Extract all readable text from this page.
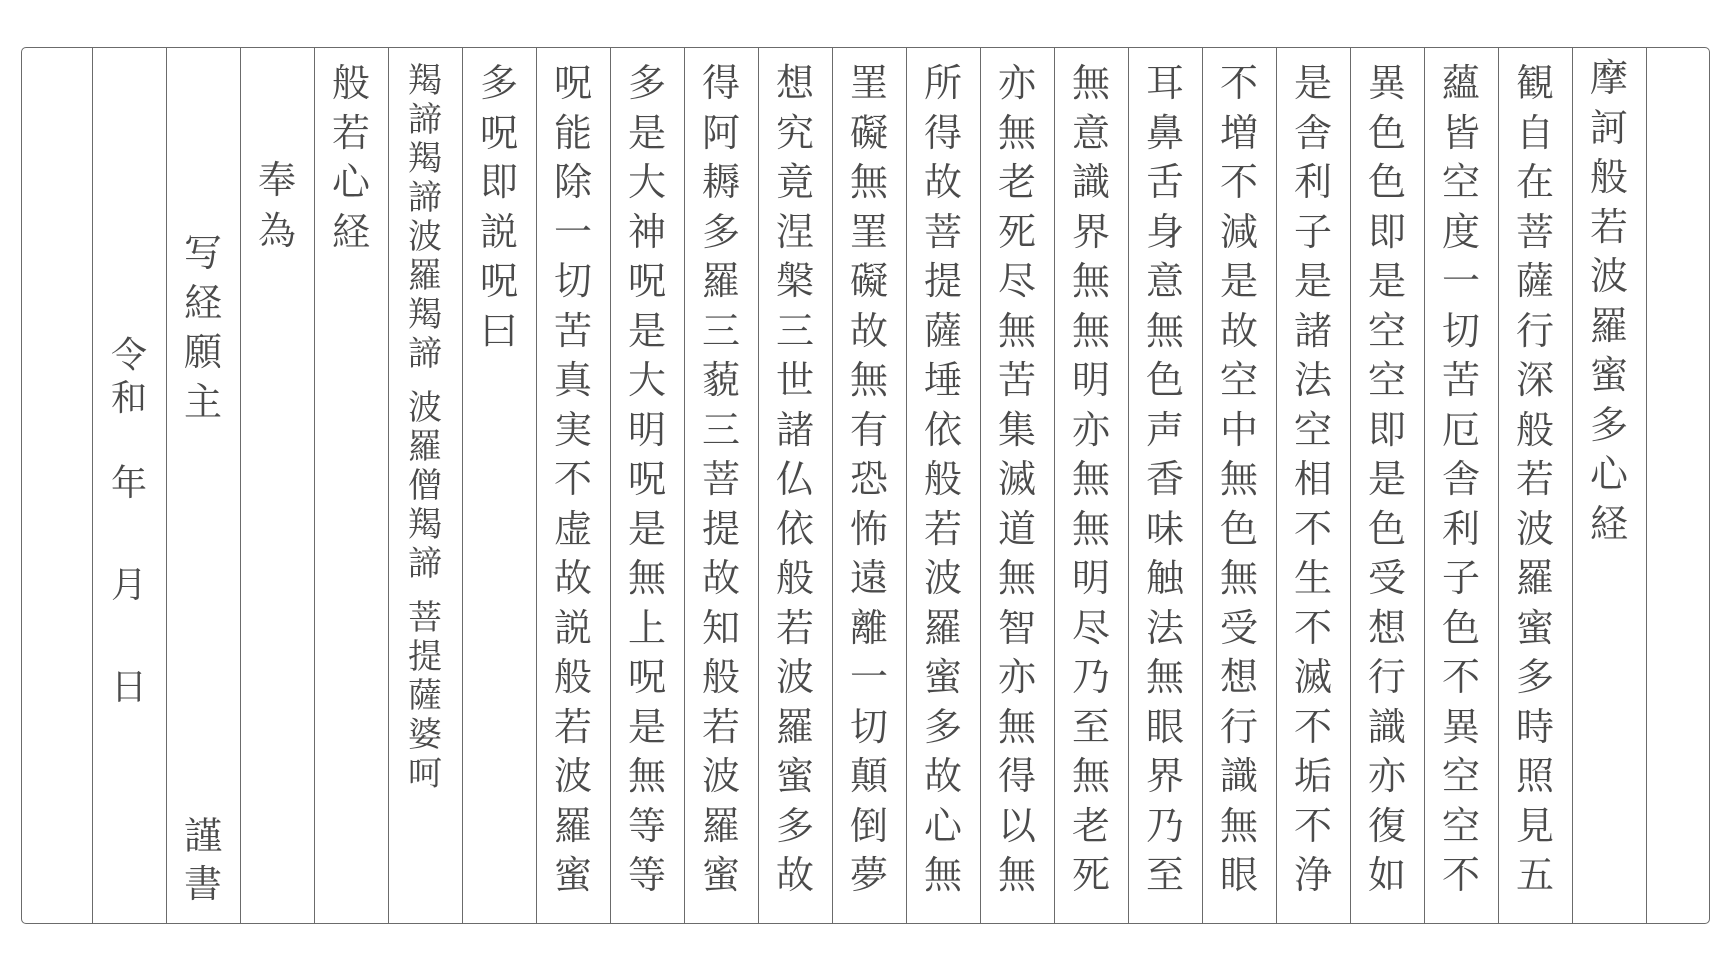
摩
訶
般
若
波
羅
蜜
多
心
経
観
自
在
菩
薩
行
深
般
若
波
羅
蜜
多
時
照
見
五
蘊
皆
空
度
一
切
苦
厄
舎
利
子
色
不
異
空
空
不
異
色
色
即
是
空
空
即
是
色
受
想
行
識
亦
復
如
是
舎
利
子
是
諸
法
空
相
不
生
不
滅
不
垢
不
浄
不
増
不
減
是
故
空
中
無
色
無
受
想
行
識
無
眼
耳
鼻
舌
身
意
無
色
声
香
味
触
法
無
眼
界
乃
至
無
意
識
界
無
無
明
亦
無
無
明
尽
乃
至
無
老
死
亦
無
老
死
尽
無
苦
集
滅
道
無
智
亦
無
得
以
無
所
得
故
菩
提
薩
埵
依
般
若
波
羅
蜜
多
故
心
無
罣
礙
無
罣
礙
故
無
有
恐
怖
遠
離
一
切
顛
倒
夢
想
究
竟
涅
槃
三
世
諸
仏
依
般
若
波
羅
蜜
多
故
得
阿
耨
多
羅
三
藐
三
菩
提
故
知
般
若
波
羅
蜜
多
是
大
神
呪
是
大
明
呪
是
無
上
呪
是
無
等
等
呪
能
除
一
切
苦
真
実
不
虚
故
説
般
若
波
羅
蜜
多
呪
即
説
呪
曰
羯
諦
羯
諦
波
羅
羯
諦
波
羅
僧
羯
諦
菩
提
薩
婆
呵
般
若
心
経
奉
為
写
経
願
主
謹
書
令
和
年
月
日
